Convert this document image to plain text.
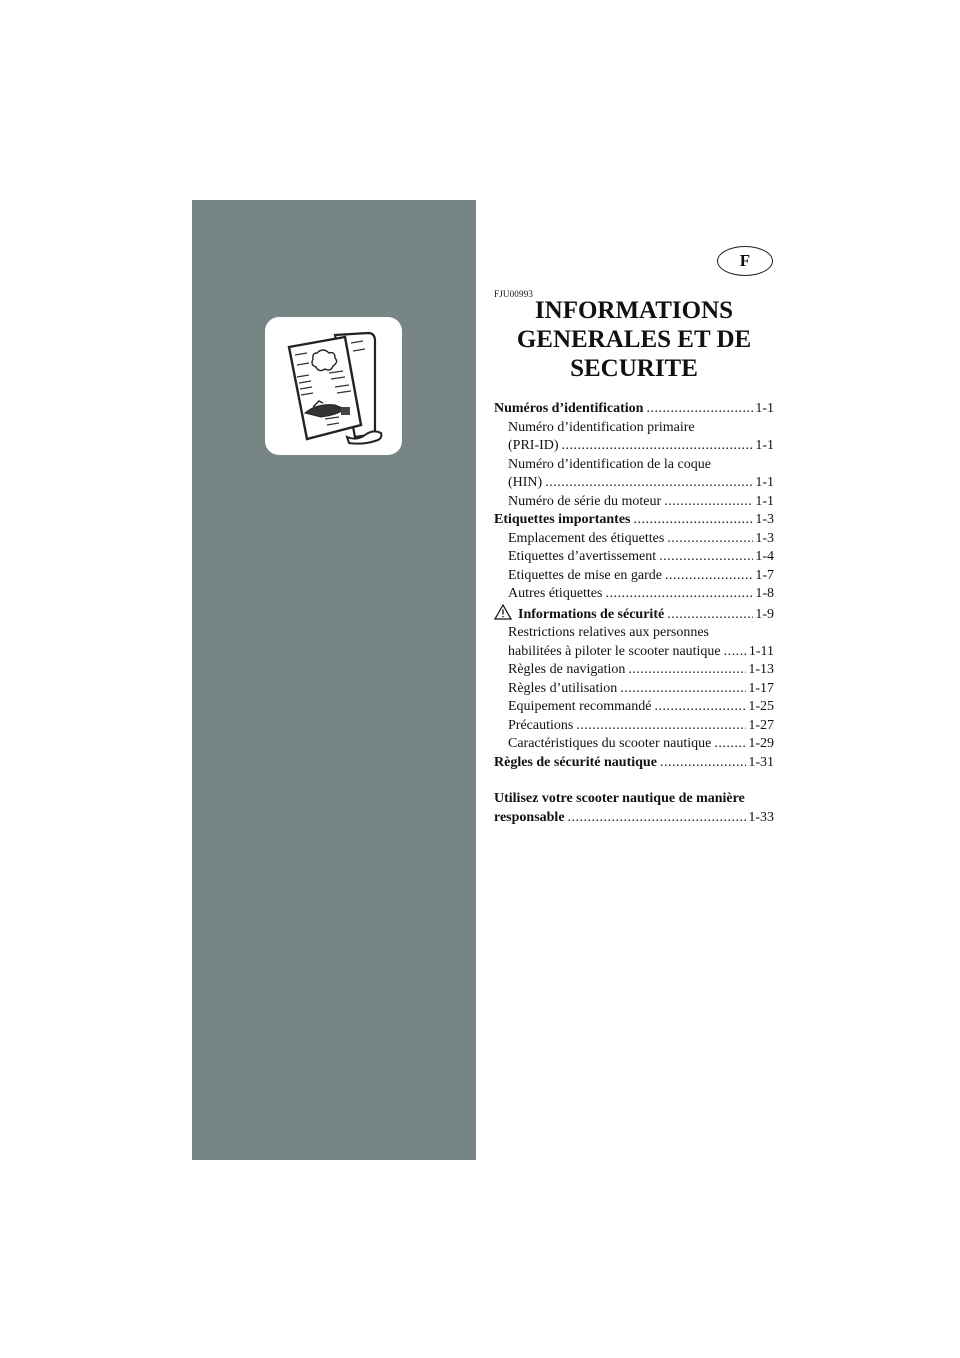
F
FJU00993
INFORMATIONS
GENERALES ET DE
SECURITE
Numéros d’identification .....	1-1
Numéro d’identification primaire
(PRI-ID) .....	1-1
Numéro d’identification de la coque
(HIN) .....	1-1
Numéro de série du moteur .....	1-1
Etiquettes importantes .....	1-3
Emplacement des étiquettes .....	1-3
Etiquettes d’avertissement .....	1-4
Etiquettes de mise en garde .....	1-7
Autres étiquettes .....	1-8
Informations de sécurité .....	1-9
Restrictions relatives aux personnes
habilitées à piloter le scooter nautique ..... 1-11
Règles de navigation .....	1-13
Règles d’utilisation .....	1-17
Equipement recommandé .....	1-25
Précautions .....	1-27
Caractéristiques du scooter nautique .....	1-29
Règles de sécurité nautique .....	1-31
Utilisez votre scooter nautique de manière
responsable .....	1-33
